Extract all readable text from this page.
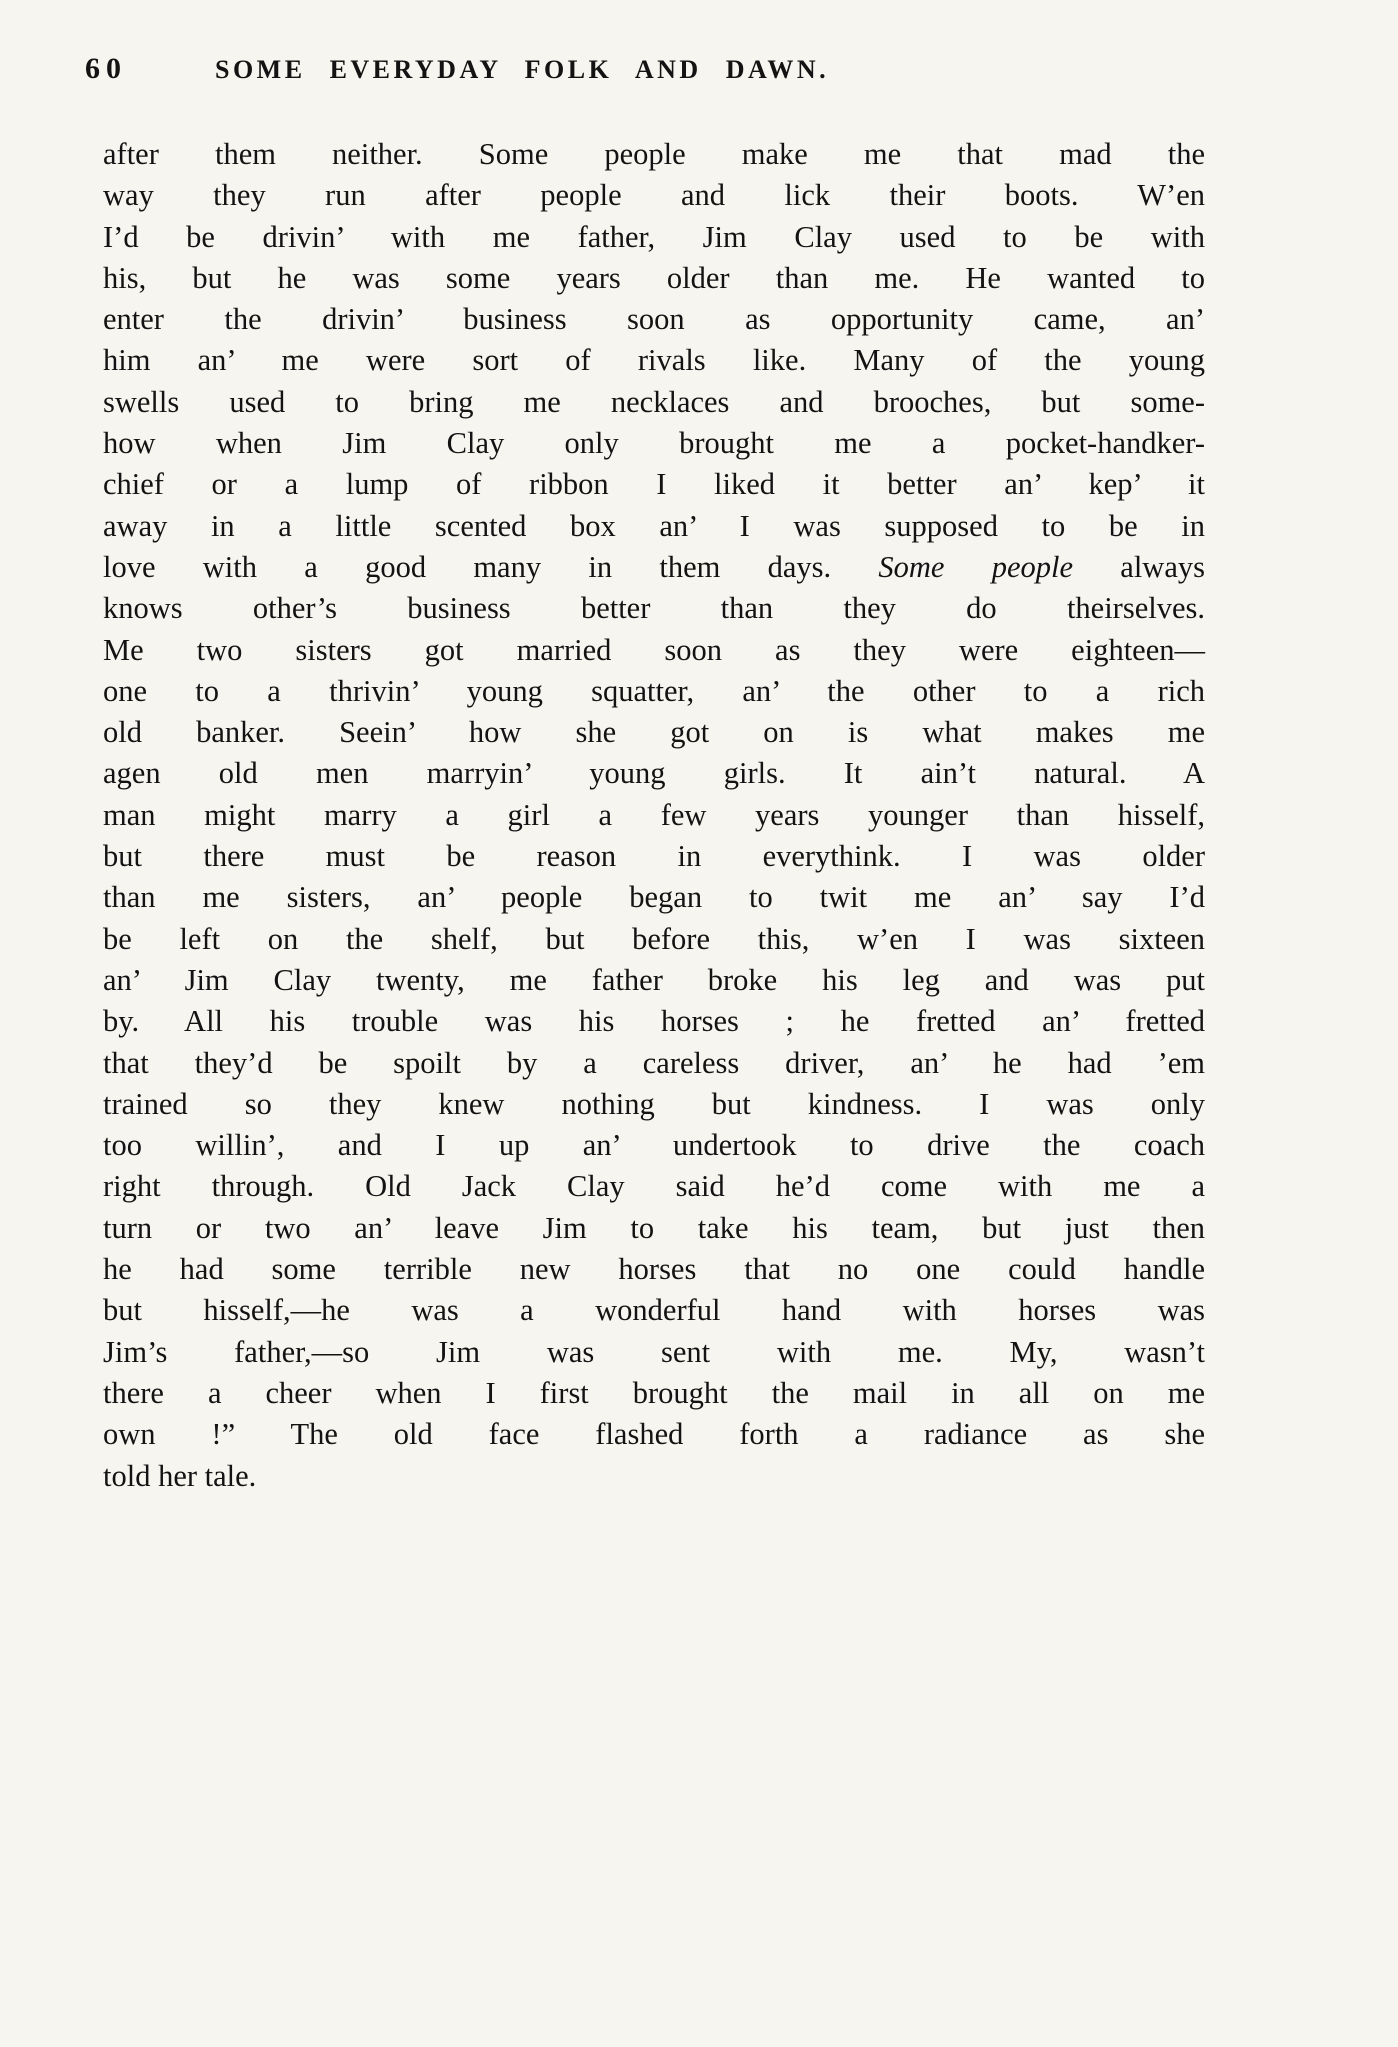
60	SOME EVERYDAY FOLK AND DAWN.
after them neither. Some people make me that mad the
way they run after people and lick their boots. W’en
I’d be drivin’ with me father, Jim Clay used to be with
his, but he was some years older than me. He wanted to
enter the drivin’ business soon as opportunity came, an’
him an’ me were sort of rivals like. Many of the young
swells used to bring me necklaces and brooches, but some-
how when Jim Clay only brought me a pocket-handker-
chief or a lump of ribbon I liked it better an’ kep’ it
away in a little scented box an’ I was supposed to be in
love with a good many in them days. Some people always
knows other’s business better than they do theirselves.
Me two sisters got married soon as they were eighteen—
one to a thrivin’ young squatter, an’ the other to a rich
old banker. Seein’ how she got on is what makes me
agen old men marryin’ young girls. It ain’t natural. A
man might marry a girl a few years younger than hisself,
but there must be reason in everythink. I was older
than me sisters, an’ people began to twit me an’ say I’d
be left on the shelf, but before this, w’en I was sixteen
an’ Jim Clay twenty, me father broke his leg and was put
by. All his trouble was his horses ; he fretted an’ fretted
that they’d be spoilt by a careless driver, an’ he had ’em
trained so they knew nothing but kindness. I was only
too willin’, and I up an’ undertook to drive the coach
right through. Old Jack Clay said he’d come with me a
turn or two an’ leave Jim to take his team, but just then
he had some terrible new horses that no one could handle
but hisself,—he was a wonderful hand with horses was
Jim’s father,—so Jim was sent with me. My, wasn’t
there a cheer when I first brought the mail in all on me
own !” The old face flashed forth a radiance as she
told her tale.
